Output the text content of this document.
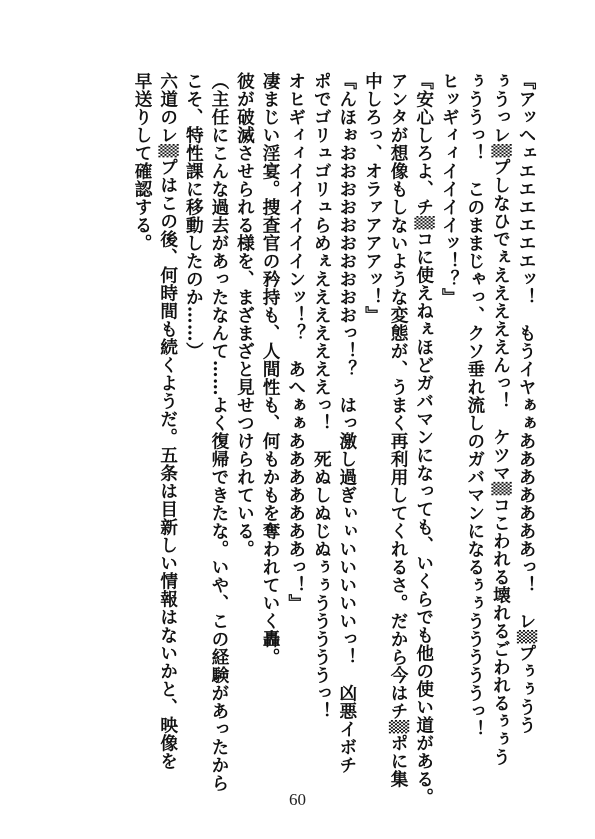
『アッヘェエエエエエエッ！　もうイヤぁぁあああああああっ！　レ▒プぅぅうう
ぅうっレ▒プしなひでぇえええええんっ！　ケツマ▒コこわれる壊れるごわれるぅぅう
ぅううっ！　このままじゃっ、クソ垂れ流しのガバマンになるぅぅうううううっ！
ヒッギィィイイイイッ！？』
『安心しろよ、チ▒コに使えねぇほどガバマンになっても、いくらでも他の使い道がある。
アンタが想像もしないような変態が、うまく再利用してくれるさ。だから今はチ▒ポに集
中しろっ、オラァアアアッ！』
『んほぉおおおおおおおおおおっ！？　はっ激し過ぎぃぃいいいいいっ！　凶悪イボチ
ポでゴリュゴリュらめぇえええええええっ！　死ぬしぬじぬぅぅうううううっ！
オヒギィィイイイイイインッ！？　あへぁぁあああああああっ！』
凄まじい淫宴。捜査官の矜持も、人間性も、何もかもを奪われていく轟。
彼が破滅させられる様を、まざまざと見せつけられている。
（主任にこんな過去があったなんて……よく復帰できたな。いや、この経験があったから
こそ、特性課に移動したのか……）
六道のレ▒プはこの後、何時間も続くようだ。五条は目新しい情報はないかと、映像を
早送りして確認する。
60
